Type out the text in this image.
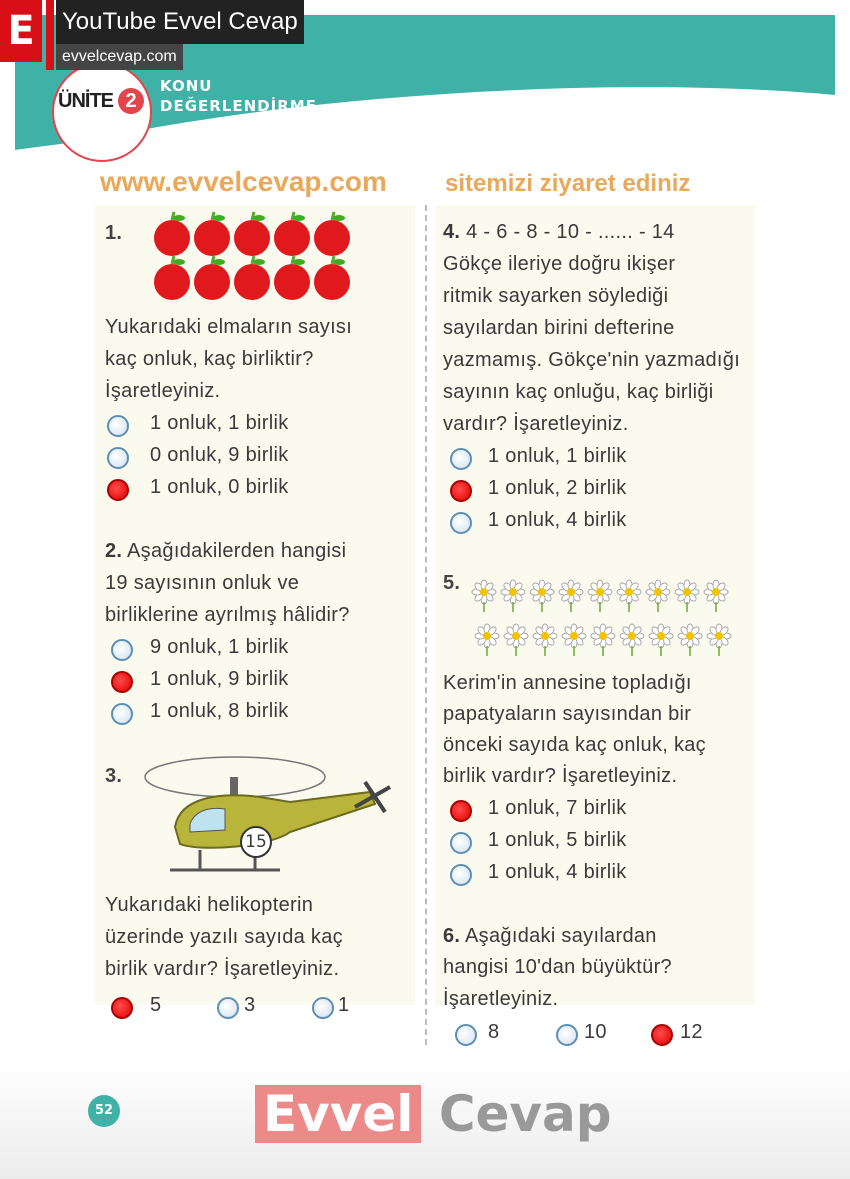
ÜNİTE 2
KONU
DEĞERLENDİRME
E	YouTube Evvel Cevap
evvelcevap.com
1.
Yukarıdaki elmaların sayısı
kaç onluk, kaç birliktir?
İşaretleyiniz.
1 onluk, 1 birlik
0 onluk, 9 birlik
1 onluk, 0 birlik
2. Aşağıdakilerden hangisi
19 sayısının onluk ve
birliklerine ayrılmış hâlidir?
9 onluk, 1 birlik
1 onluk, 9 birlik
1 onluk, 8 birlik
3.
15
Yukarıdaki helikopterin
üzerinde yazılı sayıda kaç
birlik vardır? İşaretleyiniz.
5	3	1
4. 4 - 6 - 8 - 10 - ...... - 14
Gökçe ileriye doğru ikişer
ritmik sayarken söylediği
sayılardan birini defterine
yazmamış. Gökçe'nin yazmadığı
sayının kaç onluğu, kaç birliği
vardır? İşaretleyiniz.
1 onluk, 1 birlik
1 onluk, 2 birlik
1 onluk, 4 birlik
5.
Kerim'in annesine topladığı
papatyaların sayısından bir
önceki sayıda kaç onluk, kaç
birlik vardır? İşaretleyiniz.
1 onluk, 7 birlik
1 onluk, 5 birlik
1 onluk, 4 birlik
6. Aşağıdaki sayılardan
hangisi 10'dan büyüktür?
İşaretleyiniz.
8	10	12
www.evvelcevap.com sitemizi ziyaret ediniz
52	Evvel Cevap
